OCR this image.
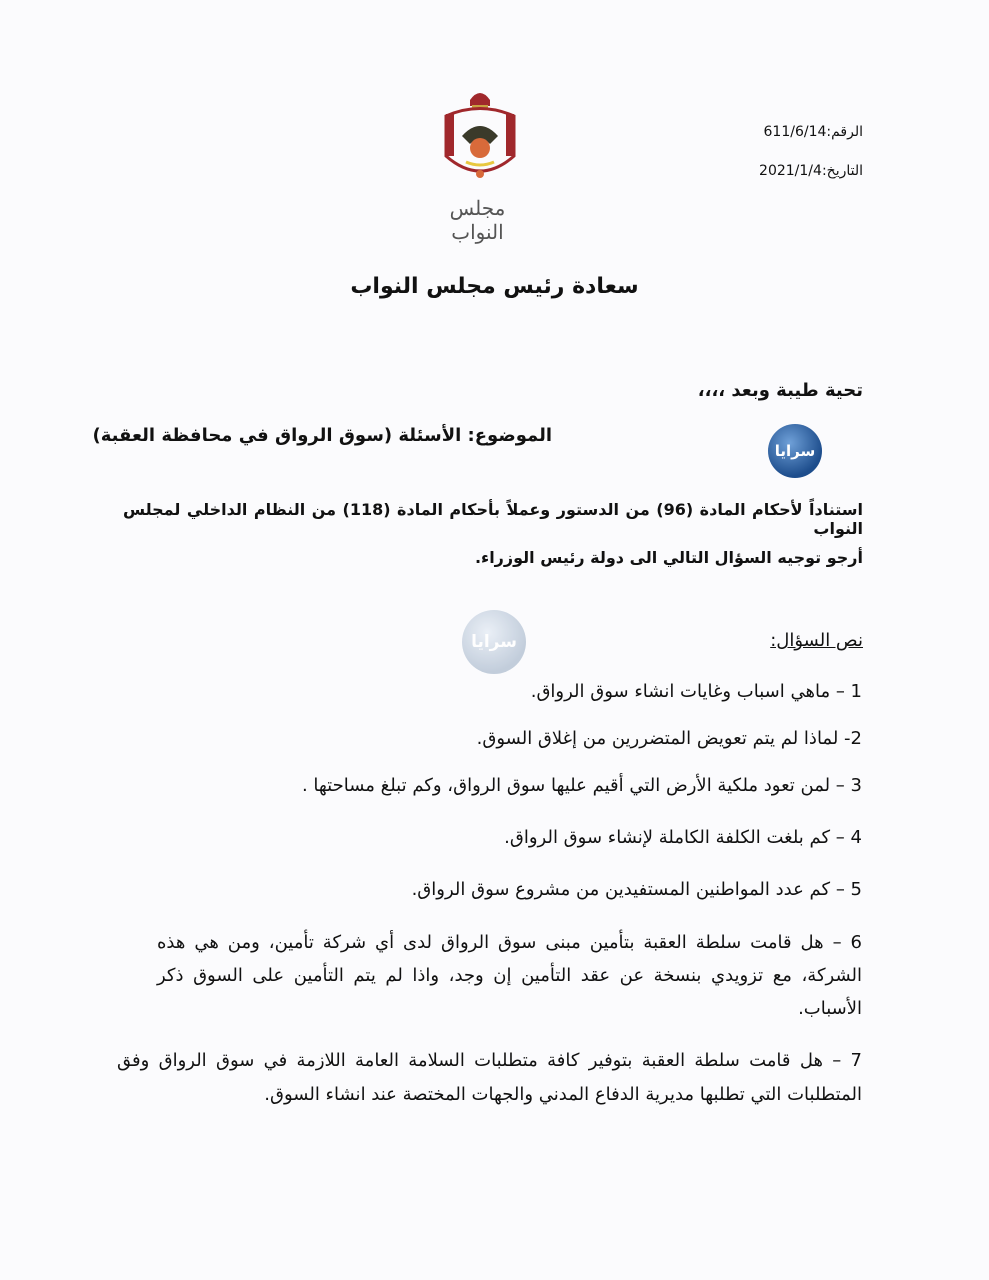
مجلس النواب
الرقم:611/6/14
التاريخ:2021/1/4
سعادة رئيس مجلس النواب
تحية طيبة وبعد ،،،،
الموضوع: الأسئلة (سوق الرواق في محافظة العقبة)
سرايا
استناداً لأحكام المادة (96) من الدستور وعملاً بأحكام المادة (118) من النظام الداخلي لمجلس النواب
أرجو توجيه السؤال التالي الى دولة رئيس الوزراء.
سرايا	نص السؤال:
1 – ماهي اسباب وغايات انشاء سوق الرواق.
2- لماذا لم يتم تعويض المتضررين من إغلاق السوق.
3 – لمن تعود ملكية الأرض التي أقيم عليها سوق الرواق، وكم تبلغ مساحتها .
4 – كم بلغت الكلفة الكاملة لإنشاء سوق الرواق.
5 – كم عدد المواطنين المستفيدين من مشروع سوق الرواق.
6 – هل قامت سلطة العقبة بتأمين مبنى سوق الرواق لدى أي شركة تأمين، ومن هي هذه الشركة، مع تزويدي بنسخة عن عقد التأمين إن وجد، واذا لم يتم التأمين على السوق ذكر الأسباب.
7 – هل قامت سلطة العقبة بتوفير كافة متطلبات السلامة العامة اللازمة في سوق الرواق وفق المتطلبات التي تطلبها مديرية الدفاع المدني والجهات المختصة عند انشاء السوق.
